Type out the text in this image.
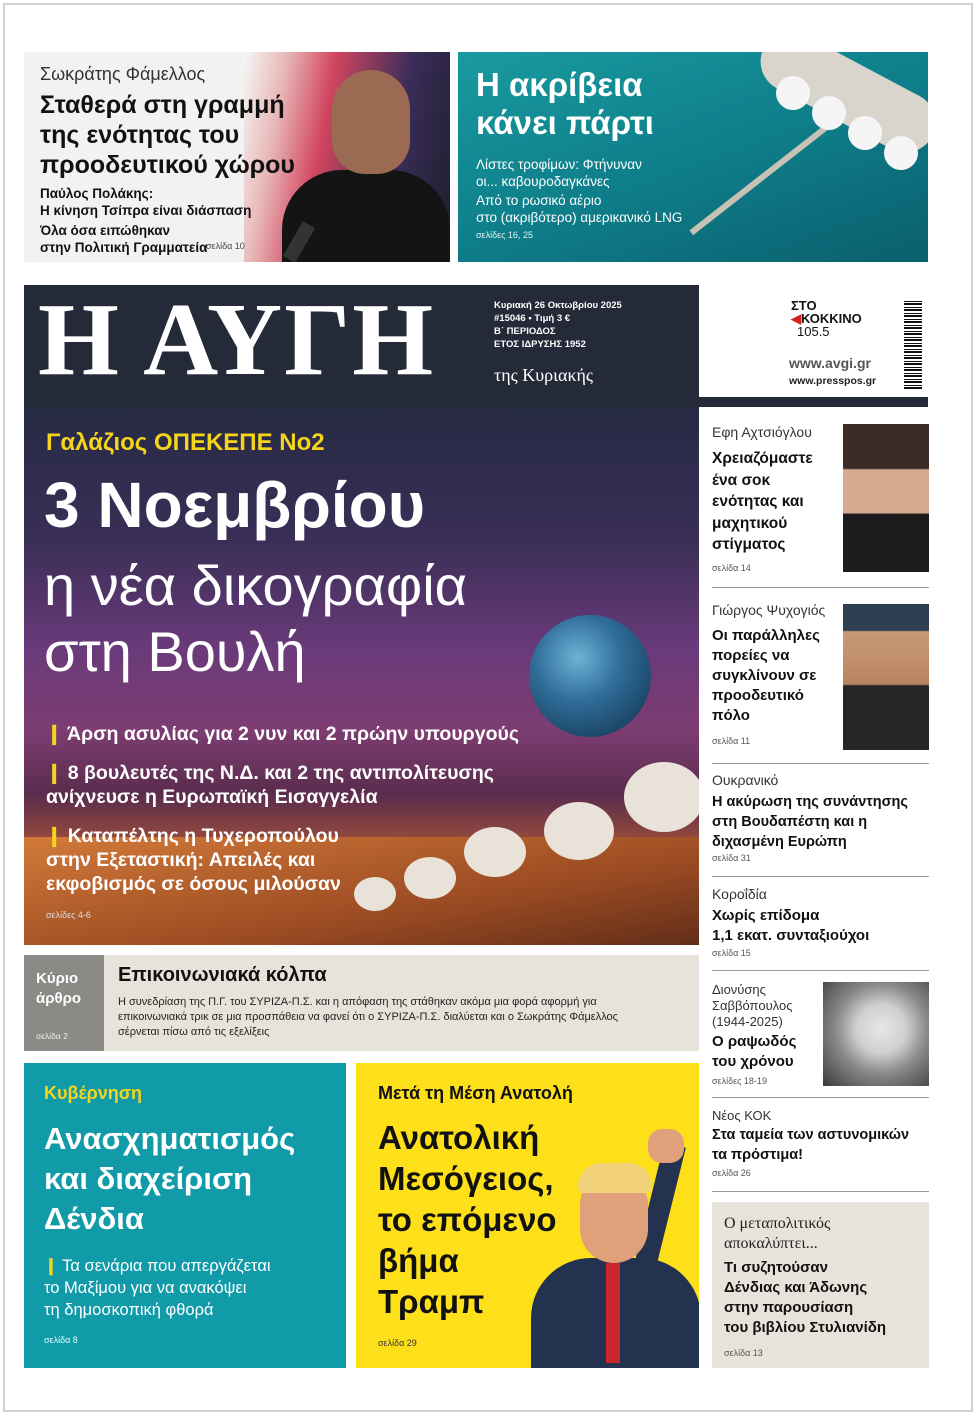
Σωκράτης Φάμελλος
Σταθερά στη γραμμή
της ενότητας του
προοδευτικού χώρου
Παύλος Πολάκης:
Η κίνηση Τσίπρα είναι διάσπαση
Όλα όσα ειπώθηκαν
στην Πολιτική Γραμματεία
σελίδα 10
Η ακρίβεια
κάνει πάρτι
Λίστες τροφίμων: Φτήνυναν
οι... καβουροδαγκάνες
Από το ρωσικό αέριο
στο (ακριβότερο) αμερικανικό LNG
σελίδες 16, 25
Η ΑΥΓΗ	Κυριακή 26 Οκτωβρίου 2025
#15046 • Τιμή 3 €
Β΄ ΠΕΡΙΟΔΟΣ
ΕΤΟΣ ΙΔΡΥΣΗΣ 1952
της Κυριακής
ΣΤΟ
◀ΚΟΚΚΙΝΟ
105.5
www.avgi.gr
www.presspos.gr
Γαλάζιος ΟΠΕΚΕΠΕ Νο2
3 Νοεμβρίου
η νέα δικογραφία
στη Βουλή
❙ Άρση ασυλίας για 2 νυν και 2 πρώην υπουργούς
❙ 8 βουλευτές της Ν.Δ. και 2 της αντιπολίτευσης
ανίχνευσε η Ευρωπαϊκή Εισαγγελία
❙ Καταπέλτης η Τυχεροπούλου
στην Εξεταστική: Απειλές και
εκφοβισμός σε όσους μιλούσαν
σελίδες 4-6
Κύριο
άρθρο
σελίδα 2
Επικοινωνιακά κόλπα
Η συνεδρίαση της Π.Γ. του ΣΥΡΙΖΑ-Π.Σ. και η απόφαση της στάθηκαν ακόμα μια φορά αφορμή για
επικοινωνιακά τρικ σε μια προσπάθεια να φανεί ότι ο ΣΥΡΙΖΑ-Π.Σ. διαλύεται και ο Σωκράτης Φάμελλος
σέρνεται πίσω από τις εξελίξεις
Κυβέρνηση
Ανασχηματισμός
και διαχείριση
Δένδια
❙ Τα σενάρια που απεργάζεται
το Μαξίμου για να ανακόψει
τη δημοσκοπική φθορά
σελίδα 8
Μετά τη Μέση Ανατολή
Ανατολική
Μεσόγειος,
το επόμενο
βήμα
Τραμπ
σελίδα 29
Εφη Αχτσιόγλου
Χρειαζόμαστε
ένα σοκ
ενότητας και
μαχητικού
στίγματος
σελίδα 14
Γιώργος Ψυχογιός
Οι παράλληλες
πορείες να
συγκλίνουν σε
προοδευτικό
πόλο
σελίδα 11
Ουκρανικό
Η ακύρωση της συνάντησης
στη Βουδαπέστη και η
διχασμένη Ευρώπη
σελίδα 31
Κοροΐδία
Χωρίς επίδομα
1,1 εκατ. συνταξιούχοι
σελίδα 15
Διονύσης
Σαββόπουλος
(1944-2025)
Ο ραψωδός
του χρόνου
σελίδες 18-19
Νέος ΚΟΚ
Στα ταμεία των αστυνομικών
τα πρόστιμα!
σελίδα 26
Ο μεταπολιτικός
αποκαλύπτει...
Τι συζητούσαν
Δένδιας και Άδωνης
στην παρουσίαση
του βιβλίου Στυλιανίδη
σελίδα 13
